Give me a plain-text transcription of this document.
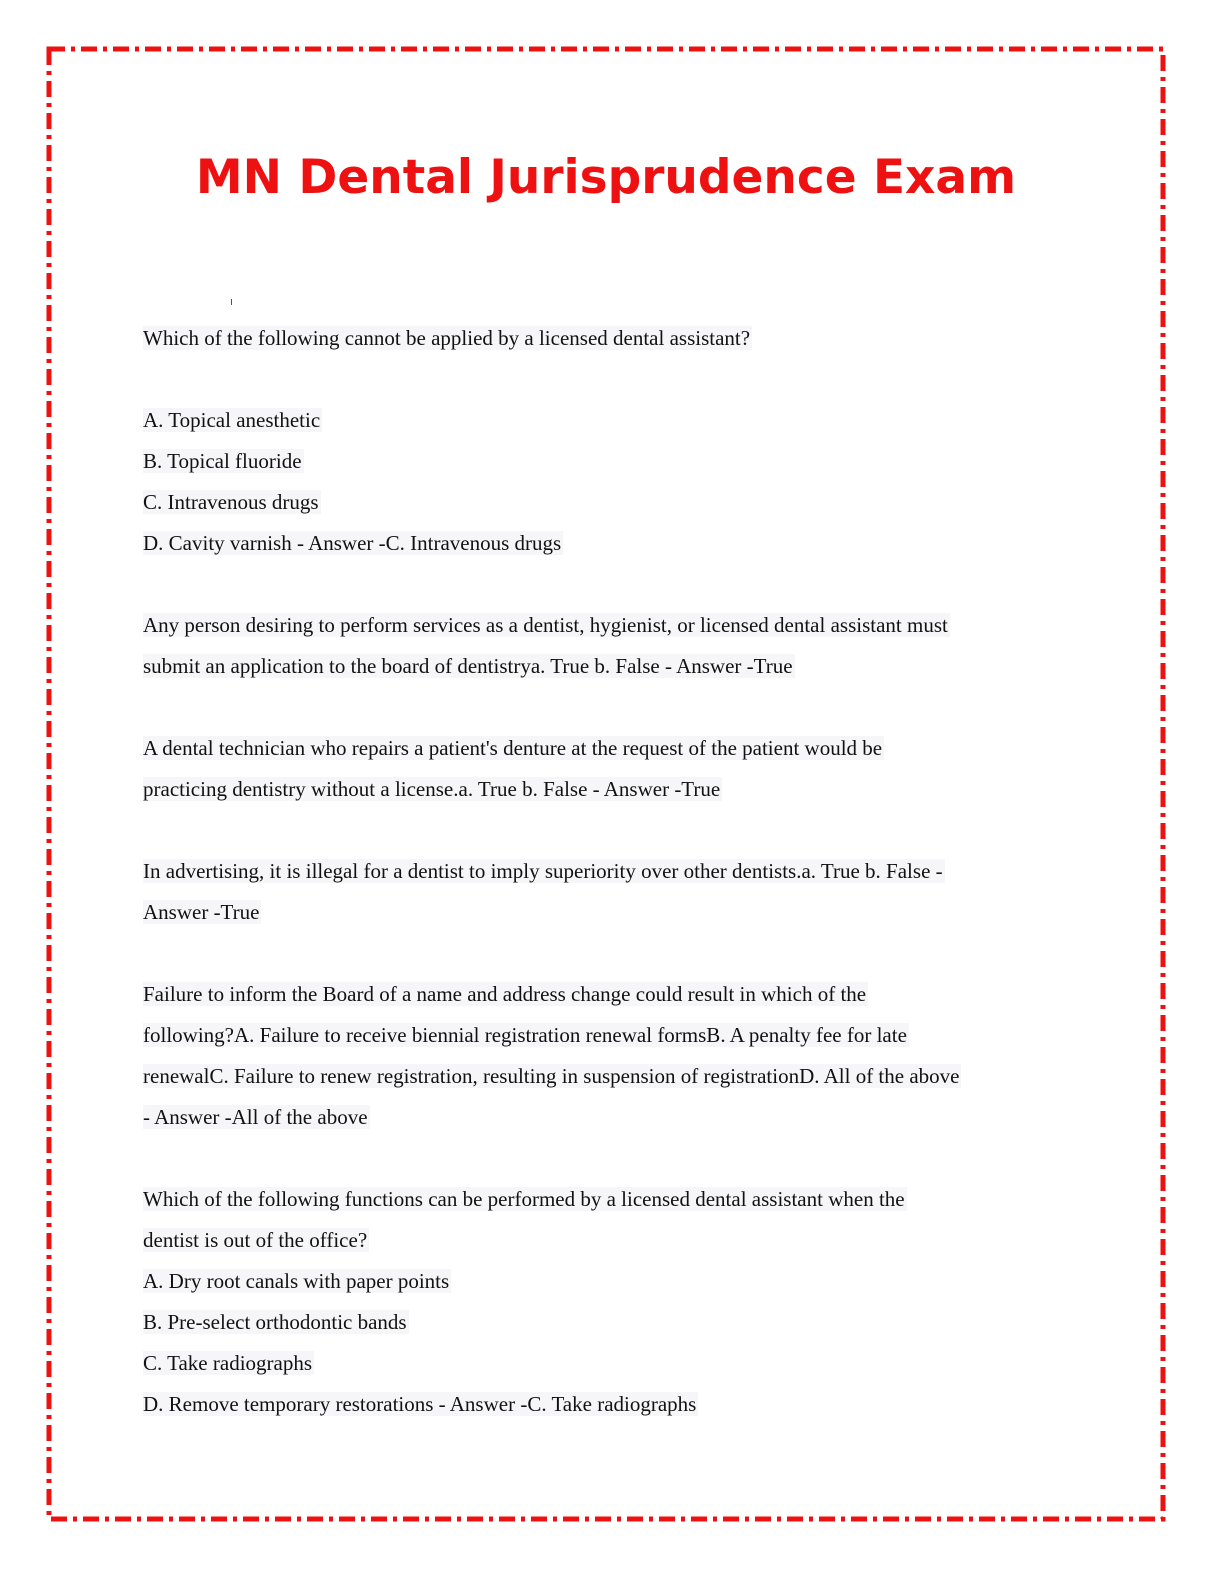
MN Dental Jurisprudence Exam
Which of the following cannot be applied by a licensed dental assistant?
A. Topical anesthetic
B. Topical fluoride
C. Intravenous drugs
D. Cavity varnish - Answer -C. Intravenous drugs
Any person desiring to perform services as a dentist, hygienist, or licensed dental assistant must
submit an application to the board of dentistrya. True b. False - Answer -True
A dental technician who repairs a patient's denture at the request of the patient would be
practicing dentistry without a license.a. True b. False - Answer -True
In advertising, it is illegal for a dentist to imply superiority over other dentists.a. True b. False -
Answer -True
Failure to inform the Board of a name and address change could result in which of the
following?A. Failure to receive biennial registration renewal formsB. A penalty fee for late
renewalC. Failure to renew registration, resulting in suspension of registrationD. All of the above
- Answer -All of the above
Which of the following functions can be performed by a licensed dental assistant when the
dentist is out of the office?
A. Dry root canals with paper points
B. Pre-select orthodontic bands
C. Take radiographs
D. Remove temporary restorations - Answer -C. Take radiographs
